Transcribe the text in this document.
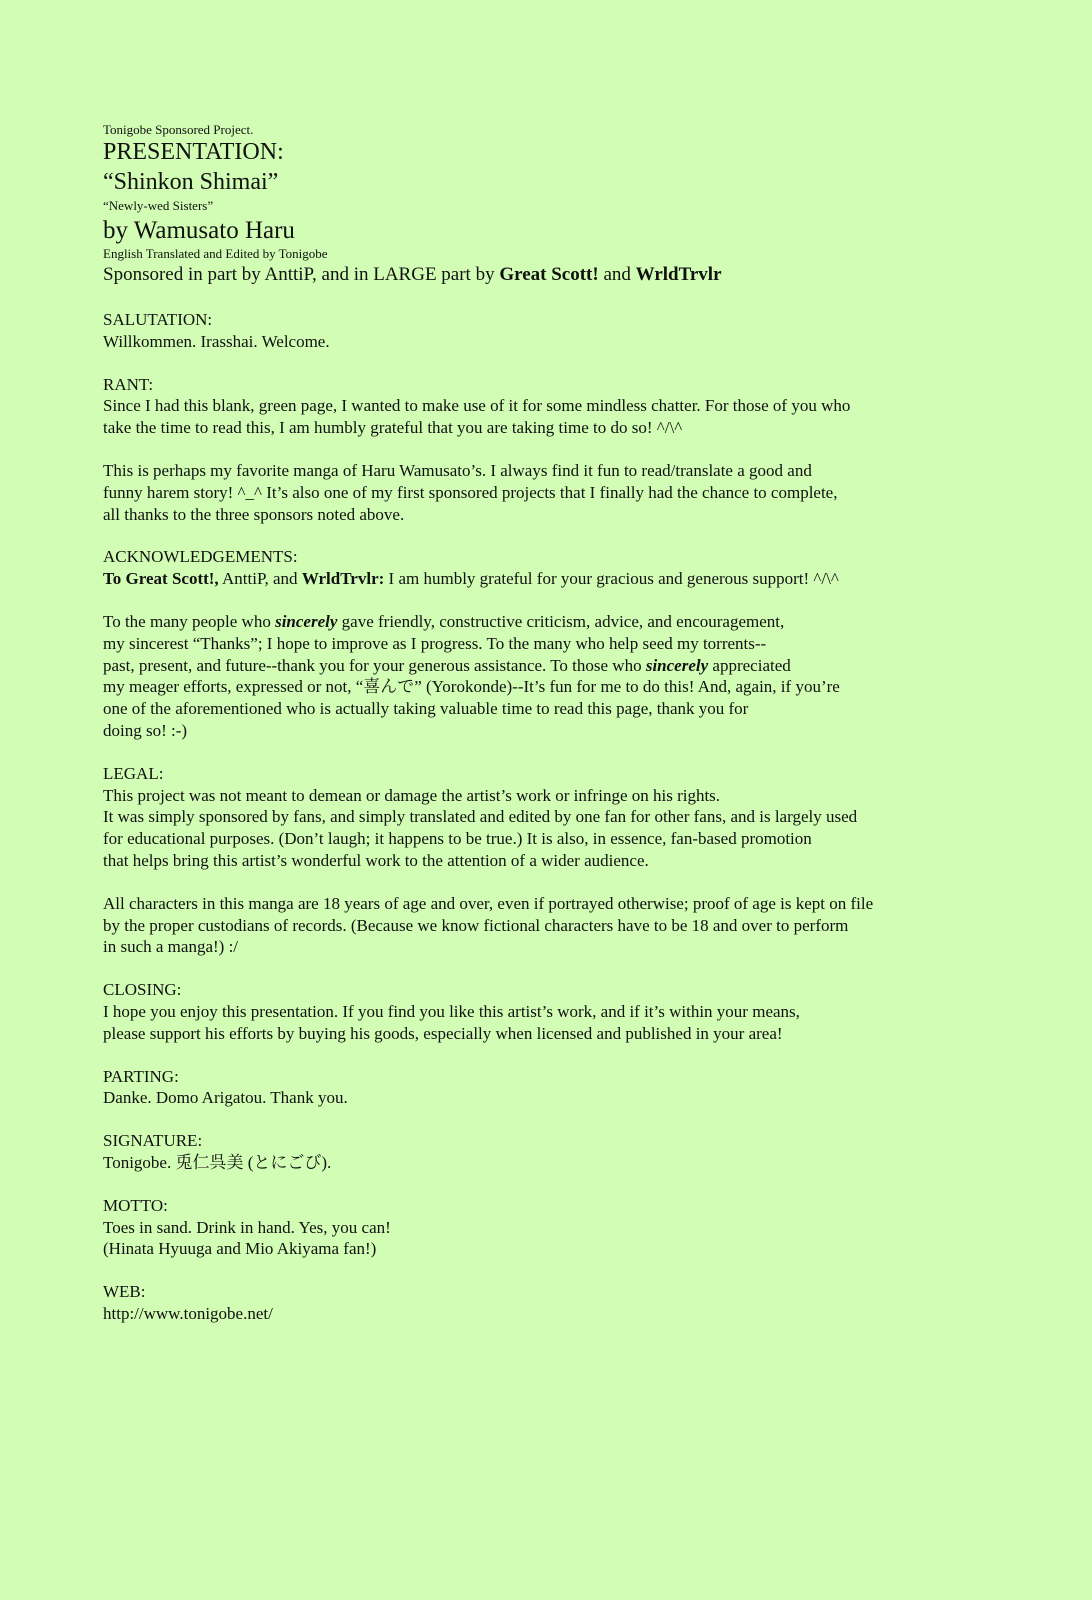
Tonigobe Sponsored Project.
PRESENTATION:
“Shinkon Shimai”
“Newly-wed Sisters”
by Wamusato Haru
English Translated and Edited by Tonigobe
Sponsored in part by AnttiP, and in LARGE part by Great Scott! and WrldTrvlr
SALUTATION:
Willkommen. Irasshai. Welcome.
RANT:
Since I had this blank, green page, I wanted to make use of it for some mindless chatter. For those of you who
take the time to read this, I am humbly grateful that you are taking time to do so! ^/\^
This is perhaps my favorite manga of Haru Wamusato’s. I always find it fun to read/translate a good and
funny harem story! ^_^ It’s also one of my first sponsored projects that I finally had the chance to complete,
all thanks to the three sponsors noted above.
ACKNOWLEDGEMENTS:
To Great Scott!, AnttiP, and WrldTrvlr: I am humbly grateful for your gracious and generous support! ^/\^
To the many people who sincerely gave friendly, constructive criticism, advice, and encouragement,
my sincerest “Thanks”; I hope to improve as I progress. To the many who help seed my torrents--
past, present, and future--thank you for your generous assistance. To those who sincerely appreciated
my meager efforts, expressed or not, “喜んで” (Yorokonde)--It’s fun for me to do this! And, again, if you’re
one of the aforementioned who is actually taking valuable time to read this page, thank you for
doing so! :-)
LEGAL:
This project was not meant to demean or damage the artist’s work or infringe on his rights.
It was simply sponsored by fans, and simply translated and edited by one fan for other fans, and is largely used
for educational purposes. (Don’t laugh; it happens to be true.) It is also, in essence, fan-based promotion
that helps bring this artist’s wonderful work to the attention of a wider audience.
All characters in this manga are 18 years of age and over, even if portrayed otherwise; proof of age is kept on file
by the proper custodians of records. (Because we know fictional characters have to be 18 and over to perform
in such a manga!) :/
CLOSING:
I hope you enjoy this presentation. If you find you like this artist’s work, and if it’s within your means,
please support his efforts by buying his goods, especially when licensed and published in your area!
PARTING:
Danke. Domo Arigatou. Thank you.
SIGNATURE:
Tonigobe. 兎仁呉美 (とにごび).
MOTTO:
Toes in sand. Drink in hand. Yes, you can!
(Hinata Hyuuga and Mio Akiyama fan!)
WEB:
http://www.tonigobe.net/
